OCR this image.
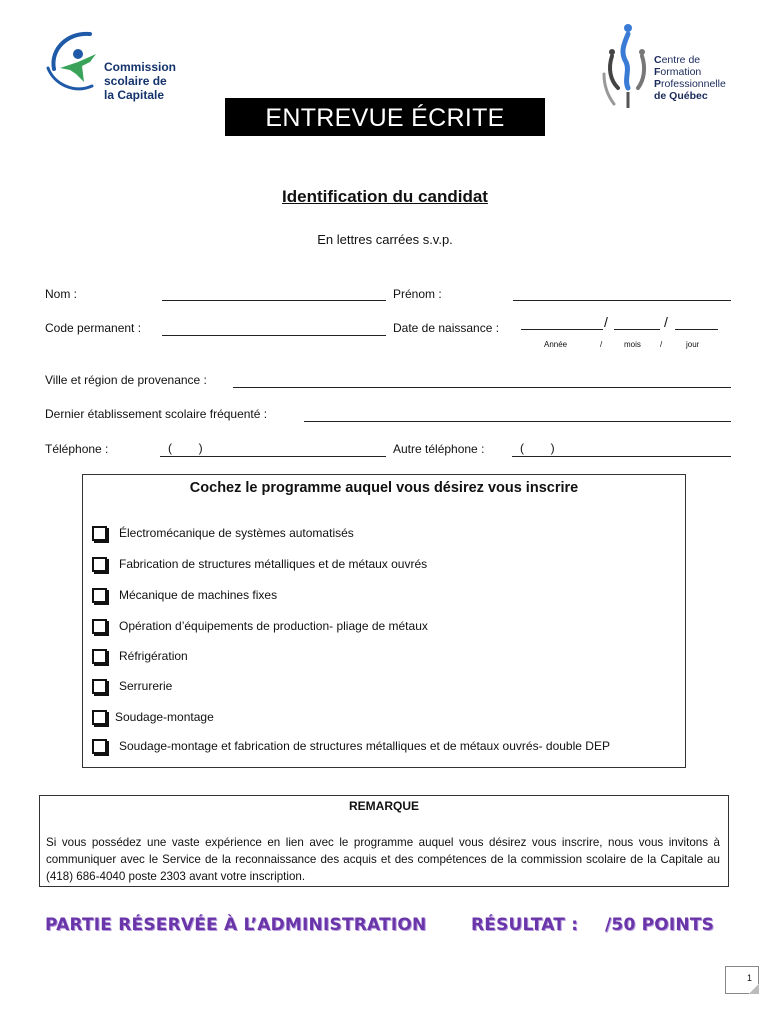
Commission
scolaire de
la Capitale
Centre de
Formation
Professionnelle
de Québec
ENTREVUE ÉCRITE
Identification du candidat
En lettres carrées s.v.p.
Nom :	Prénom :
Code permanent :	Date de naissance :	/	/
Année	/	mois /	jour
Ville et région de provenance :
Dernier établissement scolaire fréquenté :
Téléphone :	(        )	Autre téléphone :	(        )
Cochez le programme auquel vous désirez vous inscrire
Électromécanique de systèmes automatisés
Fabrication de structures métalliques et de métaux ouvrés
Mécanique de machines fixes
Opération d’équipements de production- pliage de métaux
Réfrigération
Serrurerie
Soudage-montage
Soudage-montage et fabrication de structures métalliques et de métaux ouvrés- double DEP
REMARQUE
Si vous possédez une vaste expérience en lien avec le programme auquel vous désirez vous inscrire, nous vous invitons à communiquer avec le Service de la reconnaissance des acquis et des compétences de la commission scolaire de la Capitale au (418) 686-4040 poste 2303 avant votre inscription.
PARTIE RÉSERVÉE À L’ADMINISTRATION	RÉSULTAT : /50 POINTS
1
